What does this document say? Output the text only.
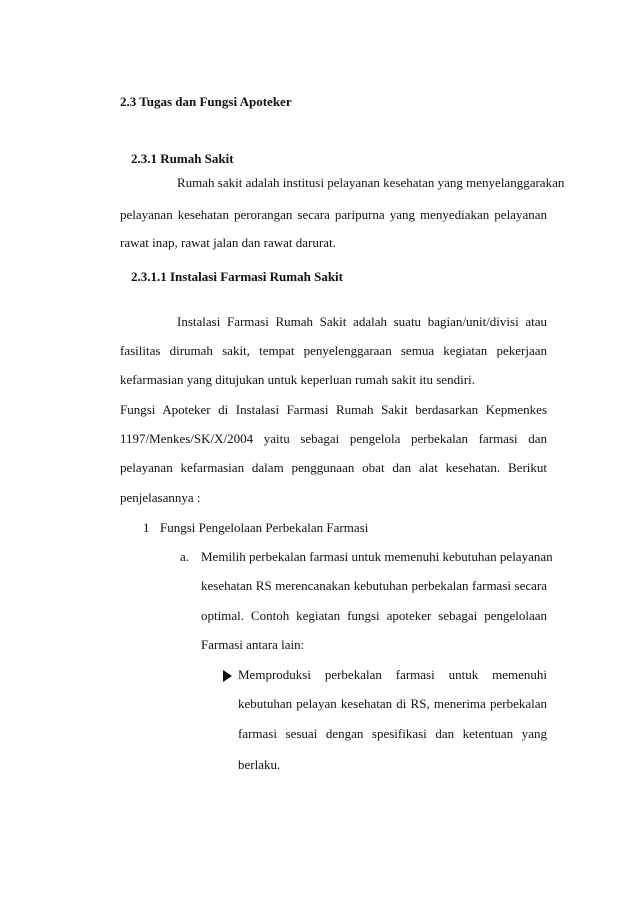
2.3 Tugas dan Fungsi Apoteker
2.3.1 Rumah Sakit
Rumah sakit adalah institusi pelayanan kesehatan yang menyelanggarakan
pelayanan kesehatan perorangan secara paripurna yang menyediakan pelayanan
rawat inap, rawat jalan dan rawat darurat.
2.3.1.1 Instalasi Farmasi Rumah Sakit
Instalasi Farmasi Rumah Sakit adalah suatu bagian/unit/divisi atau
fasilitas dirumah sakit, tempat penyelenggaraan semua kegiatan pekerjaan
kefarmasian yang ditujukan untuk keperluan rumah sakit itu sendiri.
Fungsi Apoteker di Instalasi Farmasi Rumah Sakit berdasarkan Kepmenkes
1197/Menkes/SK/X/2004 yaitu sebagai pengelola perbekalan farmasi dan
pelayanan kefarmasian dalam penggunaan obat dan alat kesehatan. Berikut
penjelasannya :
1 Fungsi Pengelolaan Perbekalan Farmasi
a. Memilih perbekalan farmasi untuk memenuhi kebutuhan pelayanan
kesehatan RS merencanakan kebutuhan perbekalan farmasi secara
optimal. Contoh kegiatan fungsi apoteker sebagai pengelolaan
Farmasi antara lain:
Memproduksi perbekalan farmasi untuk memenuhi
kebutuhan pelayan kesehatan di RS, menerima perbekalan
farmasi sesuai dengan spesifikasi dan ketentuan yang
berlaku.
